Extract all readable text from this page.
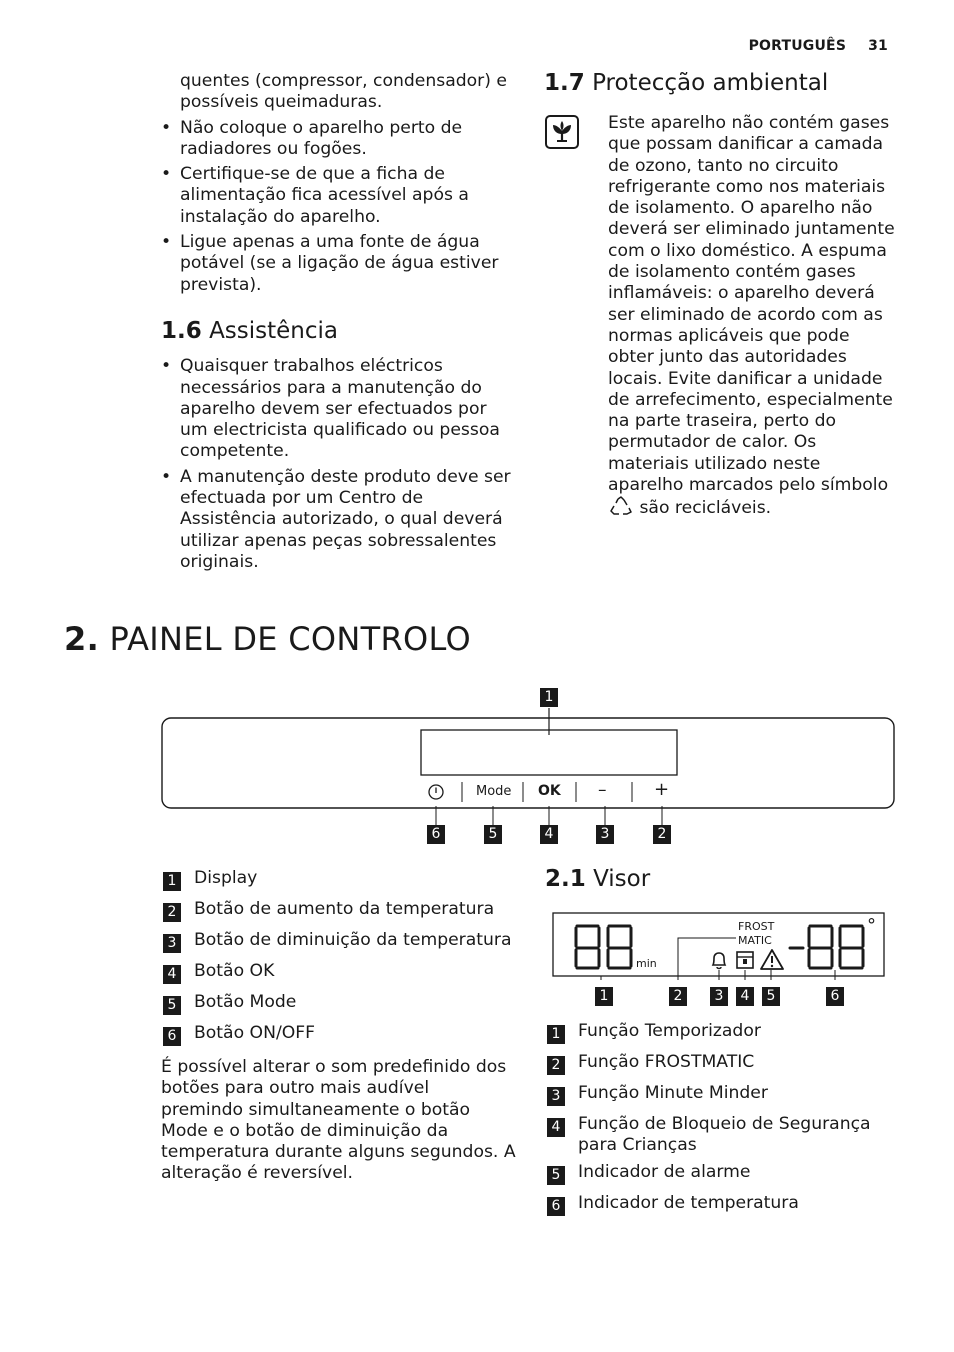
PORTUGUÊS 31

quentes (compressor, condensador) e possíveis queimaduras.

• Não coloque o aparelho perto de radiadores ou fogões.
• Certifique-se de que a ficha de alimentação fica acessível após a instalação do aparelho.
• Ligue apenas a uma fonte de água potável (se a ligação de água estiver prevista).
1.6 Assistência
• Quaisquer trabalhos eléctricos necessários para a manutenção do aparelho devem ser efectuados por um electricista qualificado ou pessoa competente.
• A manutenção deste produto deve ser efectuada por um Centro de Assistência autorizado, o qual deverá utilizar apenas peças sobressalentes originais.
1.7 Protecção ambiental
Este aparelho não contém gases que possam danificar a camada de ozono, tanto no circuito refrigerante como nos materiais de isolamento. O aparelho não deverá ser eliminado juntamente com o lixo doméstico. A espuma de isolamento contém gases inflamáveis: o aparelho deverá ser eliminado de acordo com as normas aplicáveis que pode obter junto das autoridades locais. Evite danificar a unidade de arrefecimento, especialmente na parte traseira, perto do permutador de calor. Os materiais utilizado neste aparelho marcados pelo símbolo  são recicláveis.
2. PAINEL DE CONTROLO
1
Mode OK –	+
6	5	4	3	2
1 Display
2 Botão de aumento da temperatura
3 Botão de diminuição da temperatura
4 Botão OK
5 Botão Mode
6 Botão ON/OFF

É possível alterar o som predefinido dos botões para outro mais audível premindo simultaneamente o botão Mode e o botão de diminuição da temperatura durante alguns segundos. A alteração é reversível.

2.1 Visor
min
FROST
MATIC
°
1	2	3	4	5	6
1 Função Temporizador
2 Função FROSTMATIC
3 Função Minute Minder
4 Função de Bloqueio de Segurança para Crianças
5 Indicador de alarme
6 Indicador de temperatura
